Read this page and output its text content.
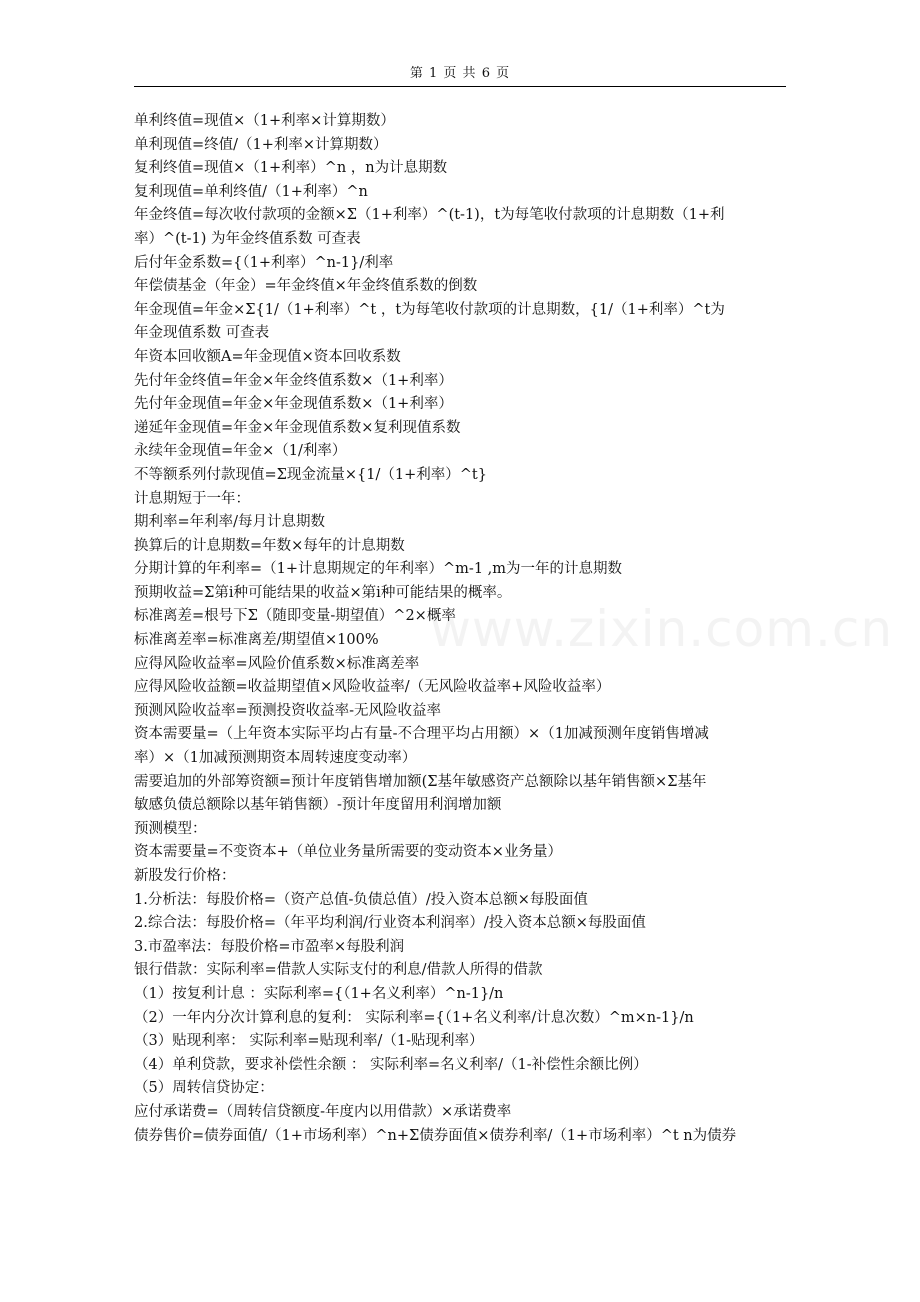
www.zixin.com.cn
第 1 页 共 6 页
单利终值=现值×（1+利率×计算期数）
单利现值=终值/（1+利率×计算期数）
复利终值=现值×（1+利率）^n ，n为计息期数
复利现值=单利终值/（1+利率）^n
年金终值=每次收付款项的金额×Σ（1+利率）^(t-1)，t为每笔收付款项的计息期数（1+利
率）^(t-1) 为年金终值系数 可查表
后付年金系数={（1+利率）^n-1}/利率
年偿债基金（年金）=年金终值×年金终值系数的倒数
年金现值=年金×Σ{1/（1+利率）^t ，t为每笔收付款项的计息期数，{1/（1+利率）^t为
年金现值系数 可查表
年资本回收额A=年金现值×资本回收系数
先付年金终值=年金×年金终值系数×（1+利率）
先付年金现值=年金×年金现值系数×（1+利率）
递延年金现值=年金×年金现值系数×复利现值系数
永续年金现值=年金×（1/利率）
不等额系列付款现值=Σ现金流量×{1/（1+利率）^t}
计息期短于一年：
期利率=年利率/每月计息期数
换算后的计息期数=年数×每年的计息期数
分期计算的年利率=（1+计息期规定的年利率）^m-1 ,m为一年的计息期数
预期收益=Σ第i种可能结果的收益×第i种可能结果的概率。
标准离差=根号下Σ（随即变量-期望值）^2×概率
标准离差率=标准离差/期望值×100%
应得风险收益率=风险价值系数×标准离差率
应得风险收益额=收益期望值×风险收益率/（无风险收益率+风险收益率）
预测风险收益率=预测投资收益率-无风险收益率
资本需要量=（上年资本实际平均占有量-不合理平均占用额）×（1加减预测年度销售增减
率）×（1加减预测期资本周转速度变动率）
需要追加的外部筹资额=预计年度销售增加额(Σ基年敏感资产总额除以基年销售额×Σ基年
敏感负债总额除以基年销售额）-预计年度留用利润增加额
预测模型：
资本需要量=不变资本+（单位业务量所需要的变动资本×业务量）
新股发行价格：
1.分析法：每股价格=（资产总值-负债总值）/投入资本总额×每股面值
2.综合法：每股价格=（年平均利润/行业资本利润率）/投入资本总额×每股面值
3.市盈率法：每股价格=市盈率×每股利润
银行借款：实际利率=借款人实际支付的利息/借款人所得的借款
（1）按复利计息 ：实际利率={（1+名义利率）^n-1}/n
（2）一年内分次计算利息的复利： 实际利率={（1+名义利率/计息次数）^m×n-1}/n
（3）贴现利率： 实际利率=贴现利率/（1-贴现利率）
（4）单利贷款，要求补偿性余额 ： 实际利率=名义利率/（1-补偿性余额比例）
（5）周转信贷协定：
应付承诺费=（周转信贷额度-年度内以用借款）×承诺费率
债券售价=债券面值/（1+市场利率）^n+Σ债券面值×债券利率/（1+市场利率）^t n为债券
